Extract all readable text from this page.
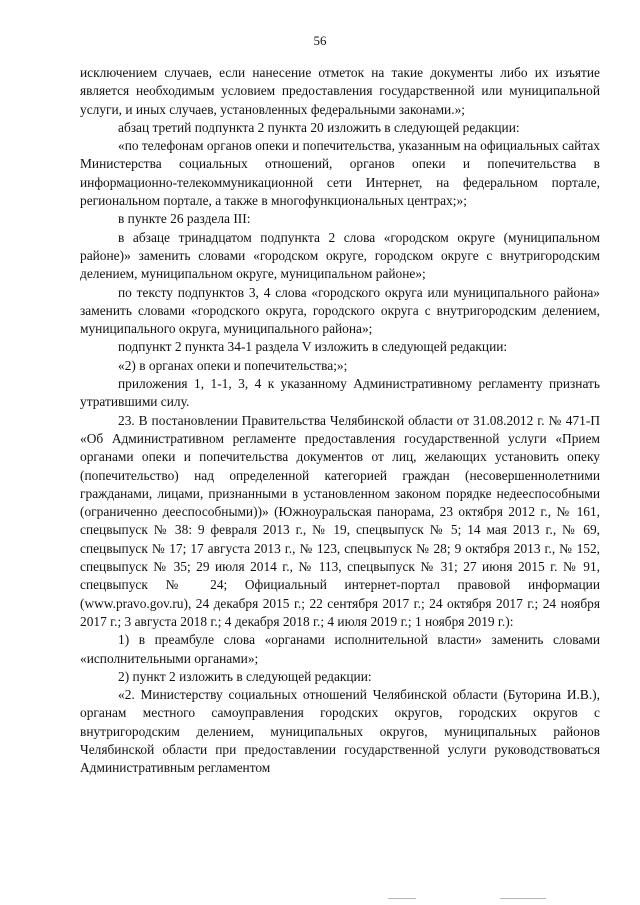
56

исключением случаев, если нанесение отметок на такие документы либо их изъятие является необходимым условием предоставления государственной или муниципальной услуги, и иных случаев, установленных федеральными законами.»;

абзац третий подпункта 2 пункта 20 изложить в следующей редакции:

«по телефонам органов опеки и попечительства, указанным на официальных сайтах Министерства социальных отношений, органов опеки и попечительства в информационно-телекоммуникационной сети Интернет, на федеральном портале, региональном портале, а также в многофункциональных центрах;»;

в пункте 26 раздела III:

в абзаце тринадцатом подпункта 2 слова «городском округе (муниципальном районе)» заменить словами «городском округе, городском округе с внутригородским делением, муниципальном округе, муниципальном районе»;

по тексту подпунктов 3, 4 слова «городского округа или муниципального района» заменить словами «городского округа, городского округа с внутригородским делением, муниципального округа, муниципального района»;

подпункт 2 пункта 34-1 раздела V изложить в следующей редакции:

«2) в органах опеки и попечительства;»;

приложения 1, 1-1, 3, 4 к указанному Административному регламенту признать утратившими силу.

23. В постановлении Правительства Челябинской области от 31.08.2012 г. № 471-П «Об Административном регламенте предоставления государственной услуги «Прием органами опеки и попечительства документов от лиц, желающих установить опеку (попечительство) над определенной категорией граждан (несовершеннолетними гражданами, лицами, признанными в установленном законом порядке недееспособными (ограниченно дееспособными))» (Южноуральская панорама, 23 октября 2012 г., № 161, спецвыпуск № 38: 9 февраля 2013 г., № 19, спецвыпуск № 5; 14 мая 2013 г., № 69, спецвыпуск № 17; 17 августа 2013 г., № 123, спецвыпуск № 28; 9 октября 2013 г., № 152, спецвыпуск № 35; 29 июля 2014 г., № 113, спецвыпуск № 31; 27 июня 2015 г. № 91, спецвыпуск № 24; Официальный интернет-портал правовой информации (www.pravo.gov.ru), 24 декабря 2015 г.; 22 сентября 2017 г.; 24 октября 2017 г.; 24 ноября 2017 г.; 3 августа 2018 г.; 4 декабря 2018 г.; 4 июля 2019 г.; 1 ноября 2019 г.):

1) в преамбуле слова «органами исполнительной власти» заменить словами «исполнительными органами»;

2) пункт 2 изложить в следующей редакции:

«2. Министерству социальных отношений Челябинской области (Буторина И.В.), органам местного самоуправления городских округов, городских округов с внутригородским делением, муниципальных округов, муниципальных районов Челябинской области при предоставлении государственной услуги руководствоваться Административным регламентом
